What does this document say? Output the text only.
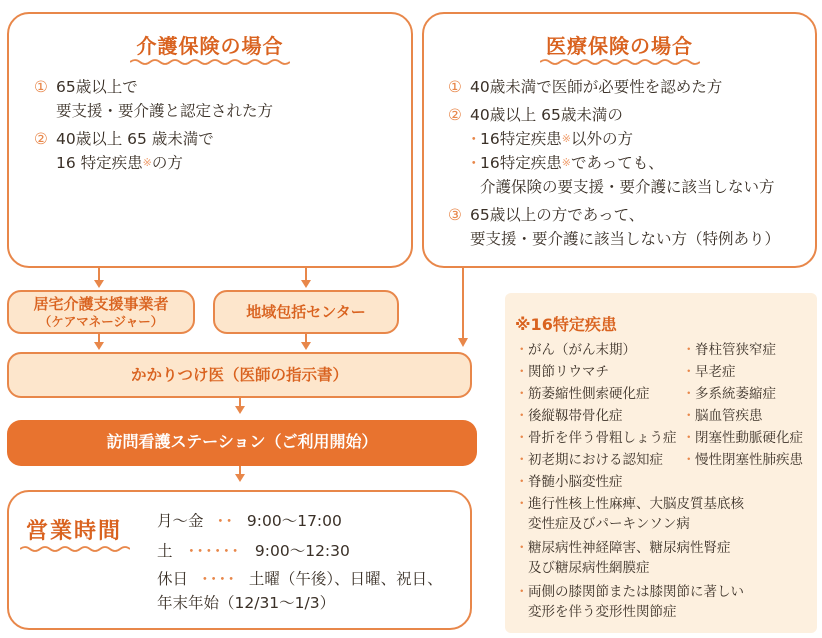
介護保険の場合
① 65歳以上で
要支援・要介護と認定された方
② 40歳以上 65 歳未満で
16 特定疾患※の方
医療保険の場合
① 40歳未満で医師が必要性を認めた方
② 40歳以上 65歳未満の
・16特定疾患※以外の方
・16特定疾患※であっても、
介護保険の要支援・要介護に該当しない方
③ 65歳以上の方であって、
要支援・要介護に該当しない方（特例あり）
居宅介護支援事業者
（ケアマネージャー）
地域包括センター
かかりつけ医（医師の指示書）
訪問看護ステーション（ご利用開始）
営業時間 月～金 ･･ 9:00～17:00
土 ･･････ 9:00～12:30
休日 ････ 土曜（午後）、日曜、祝日、
年末年始（12/31～1/3）
※16特定疾患
・がん（がん末期）
・関節リウマチ
・筋萎縮性側索硬化症
・後縦靱帯骨化症
・骨折を伴う骨粗しょう症
・初老期における認知症
・脊髄小脳変性症
・脊柱管狭窄症
・早老症
・多系統萎縮症
・脳血管疾患
・閉塞性動脈硬化症
・慢性閉塞性肺疾患
・進行性核上性麻痺、大脳皮質基底核
変性症及びパーキンソン病
・糖尿病性神経障害、糖尿病性腎症
及び糖尿病性網膜症
・両側の膝関節または膝関節に著しい
変形を伴う変形性関節症
